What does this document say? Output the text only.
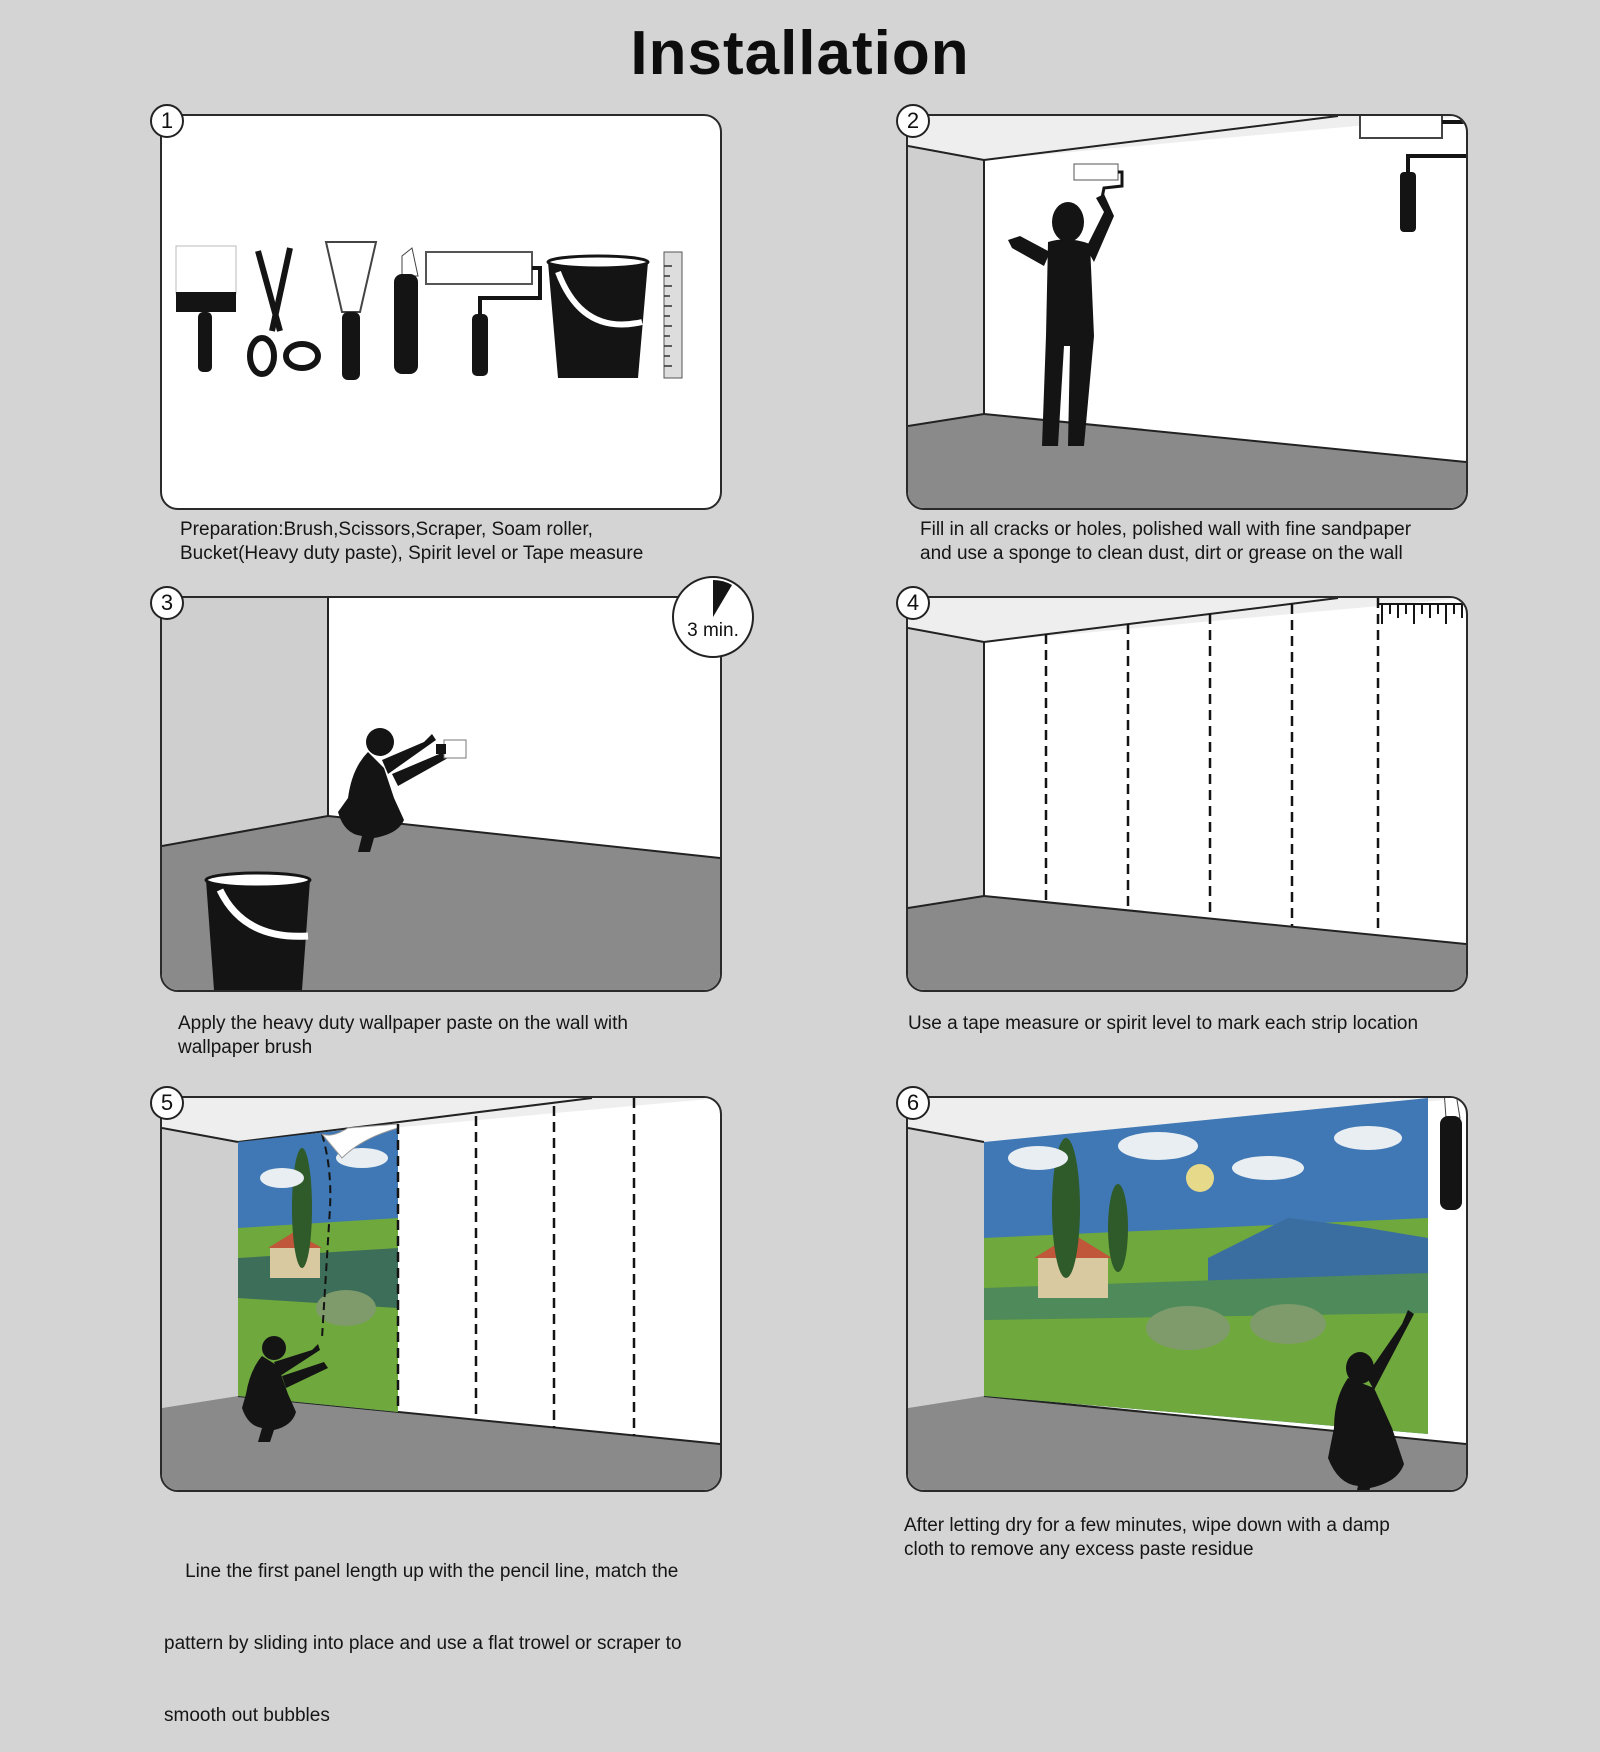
Installation
1
Preparation:Brush,Scissors,Scraper, Soam roller,
Bucket(Heavy duty paste), Spirit level or Tape measure
2
Fill in all cracks or holes, polished wall with fine sandpaper
and use a sponge to clean dust, dirt or grease on the wall
3
3 min.
Apply the heavy duty wallpaper paste on the wall with
wallpaper brush
4
Use a tape measure or spirit level to mark each strip location
5

Line the first panel length up with the pencil line, match the

pattern by sliding into place and use a flat trowel or scraper to

smooth out bubbles

6
After letting dry for a few minutes, wipe down with a damp
cloth to remove any excess paste residue
